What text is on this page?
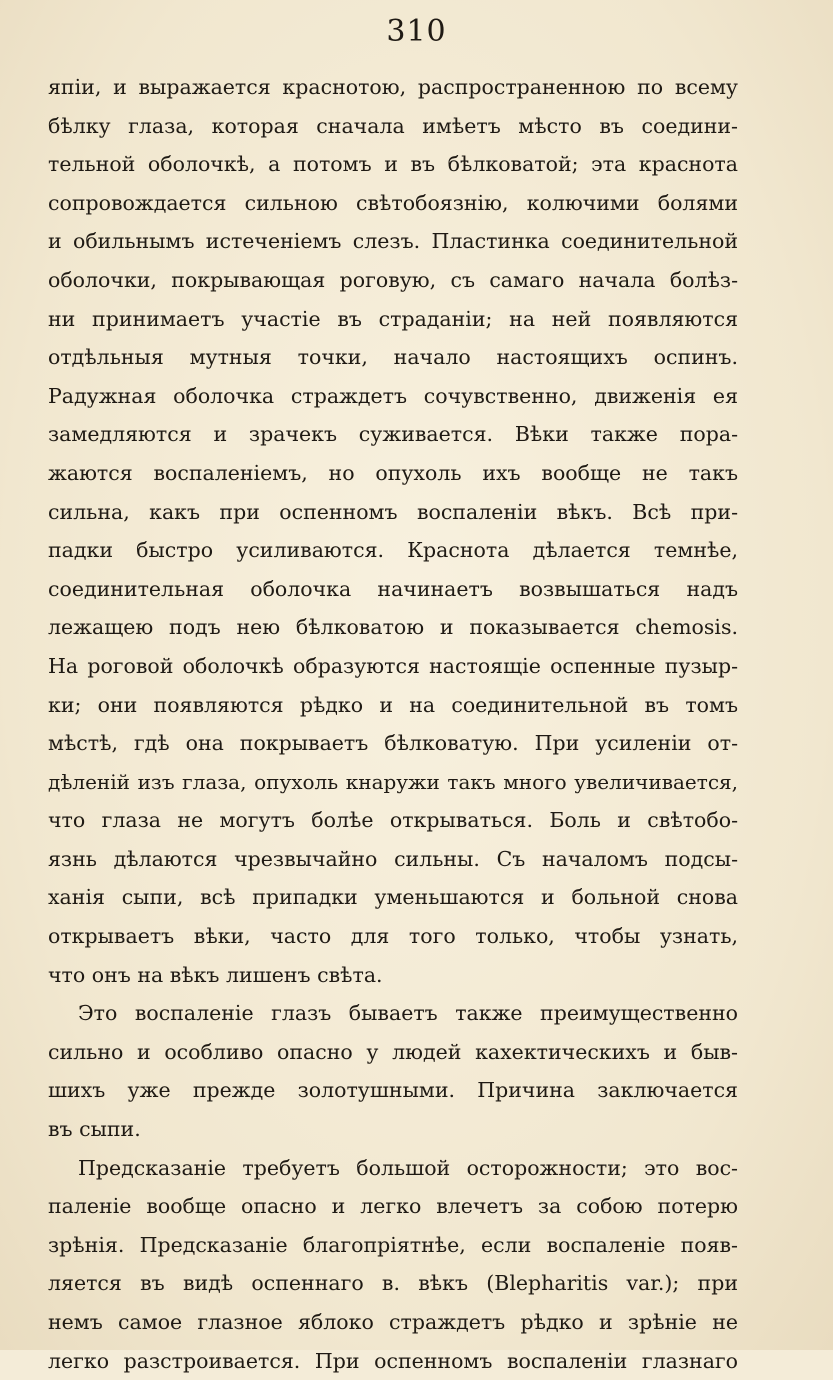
310
япiи, и выражается краснотою, распространенною по всему
бѣлку глаза, которая сначала имѣетъ мѣсто въ соедини-
тельной оболочкѣ, а потомъ и въ бѣлковатой; эта краснота
сопровождается сильною свѣтобоязнiю, колючими болями
и обильнымъ истеченiемъ слезъ. Пластинка соединительной
оболочки, покрывающая роговую, съ самаго начала болѣз-
ни принимаетъ участiе въ страданiи; на ней появляются
отдѣльныя мутныя точки, начало настоящихъ оспинъ.
Радужная оболочка страждетъ сочувственно, движенiя ея
замедляются и зрачекъ суживается. Вѣки также пора-
жаются воспаленiемъ, но опухоль ихъ вообще не такъ
сильна, какъ при оспенномъ воспаленiи вѣкъ. Всѣ при-
падки быстро усиливаются. Краснота дѣлается темнѣе,
соединительная оболочка начинаетъ возвышаться надъ
лежащею подъ нею бѣлковатою и показывается chemosis.
На роговой оболочкѣ образуются настоящiе оспенные пузыр-
ки; они появляются рѣдко и на соединительной въ томъ
мѣстѣ, гдѣ она покрываетъ бѣлковатую. При усиленiи от-
дѣленiй изъ глаза, опухоль кнаружи такъ много увеличивается,
что глаза не могутъ болѣе открываться. Боль и свѣтобо-
язнь дѣлаются чрезвычайно сильны. Съ началомъ подсы-
ханiя сыпи, всѣ припадки уменьшаются и больной снова
открываетъ вѣки, часто для того только, чтобы узнать,
что онъ на вѣкъ лишенъ свѣта.
Это воспаленiе глазъ бываетъ также преимущественно
сильно и особливо опасно у людей кахектическихъ и быв-
шихъ уже прежде золотушными. Причина заключается
въ сыпи.
Предсказанiе требуетъ большой осторожности; это вос-
паленiе вообще опасно и легко влечетъ за собою потерю
зрѣнiя. Предсказанiе благопрiятнѣе, если воспаленiе появ-
ляется въ видѣ оспеннаго в. вѣкъ (Blepharitis var.); при
немъ самое глазное яблоко страждетъ рѣдко и зрѣнiе не
легко разстроивается. При оспенномъ воспаленiи глазнаго
